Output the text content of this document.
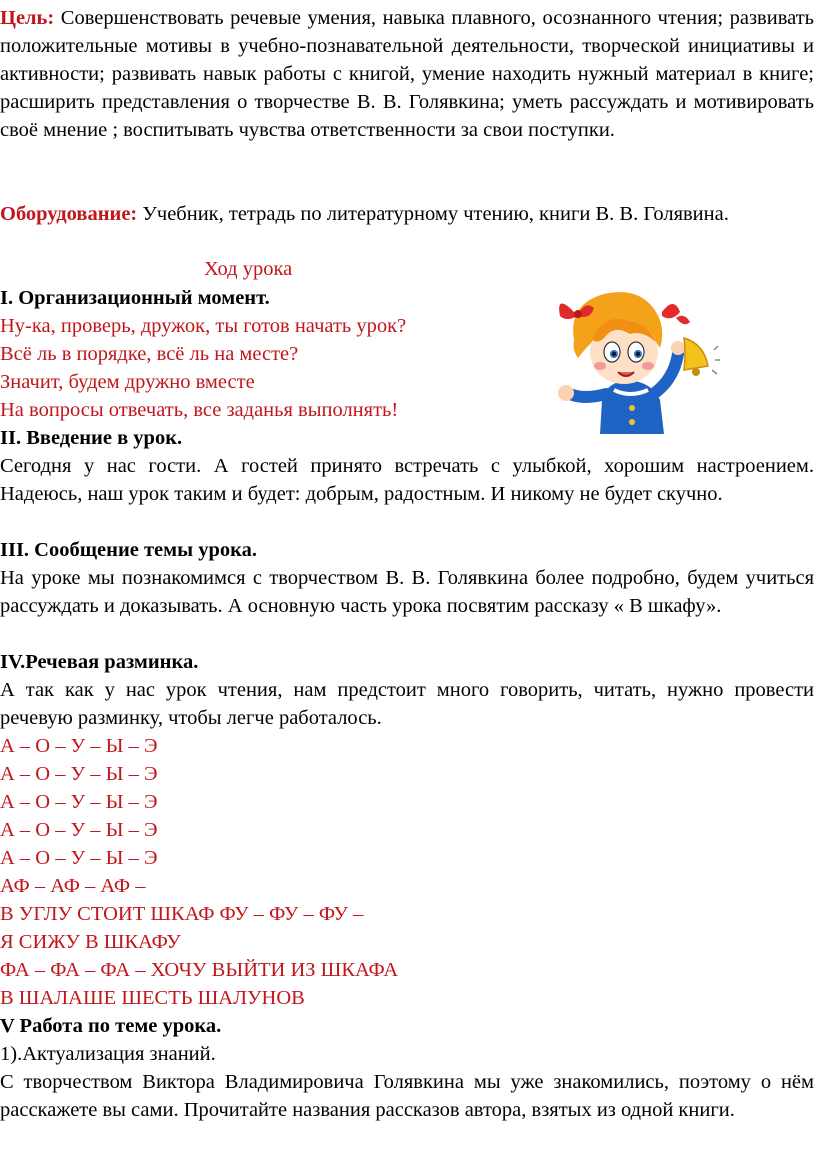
Цель: Совершенствовать речевые умения, навыка плавного, осознанного чтения; развивать положительные мотивы в учебно-познавательной деятельности, творческой инициативы и активности; развивать навык работы с книгой, умение находить нужный материал в книге; расширить представления о творчестве В. В. Голявкина; уметь рассуждать и мотивировать своё мнение ; воспитывать чувства ответственности за свои поступки.

Оборудование: Учебник, тетрадь по литературному чтению, книги В. В. Голявина.

Ход урока
I. Организационный момент.
Ну-ка, проверь, дружок, ты готов начать урок?
Всё ль в порядке, всё ль на месте?
Значит, будем дружно вместе
На вопросы отвечать, все заданья выполнять!
II. Введение в урок.

Сегодня у нас гости. А гостей принято встречать с улыбкой, хорошим настроением. Надеюсь, наш урок таким и будет: добрым, радостным. И никому не будет скучно.

III. Сообщение темы урока.

На уроке мы познакомимся с творчеством В. В. Голявкина более подробно, будем учиться рассуждать и доказывать. А основную часть урока посвятим рассказу « В шкафу».

IV.Речевая разминка.

А так как у нас урок чтения, нам предстоит много говорить, читать, нужно провести речевую разминку, чтобы легче работалось.

А – О – У – Ы – Э
А – О – У – Ы – Э
А – О – У – Ы – Э
А – О – У – Ы – Э
А – О – У – Ы – Э
АФ – АФ – АФ –
В УГЛУ СТОИТ ШКАФ ФУ – ФУ – ФУ –
Я СИЖУ В ШКАФУ
ФА – ФА – ФА – ХОЧУ ВЫЙТИ ИЗ ШКАФА
В ШАЛАШЕ ШЕСТЬ ШАЛУНОВ
V Работа по теме урока.
1).Актуализация знаний.

С творчеством Виктора Владимировича Голявкина мы уже знакомились, поэтому о нём расскажете вы сами. Прочитайте названия рассказов автора, взятых из одной книги.
